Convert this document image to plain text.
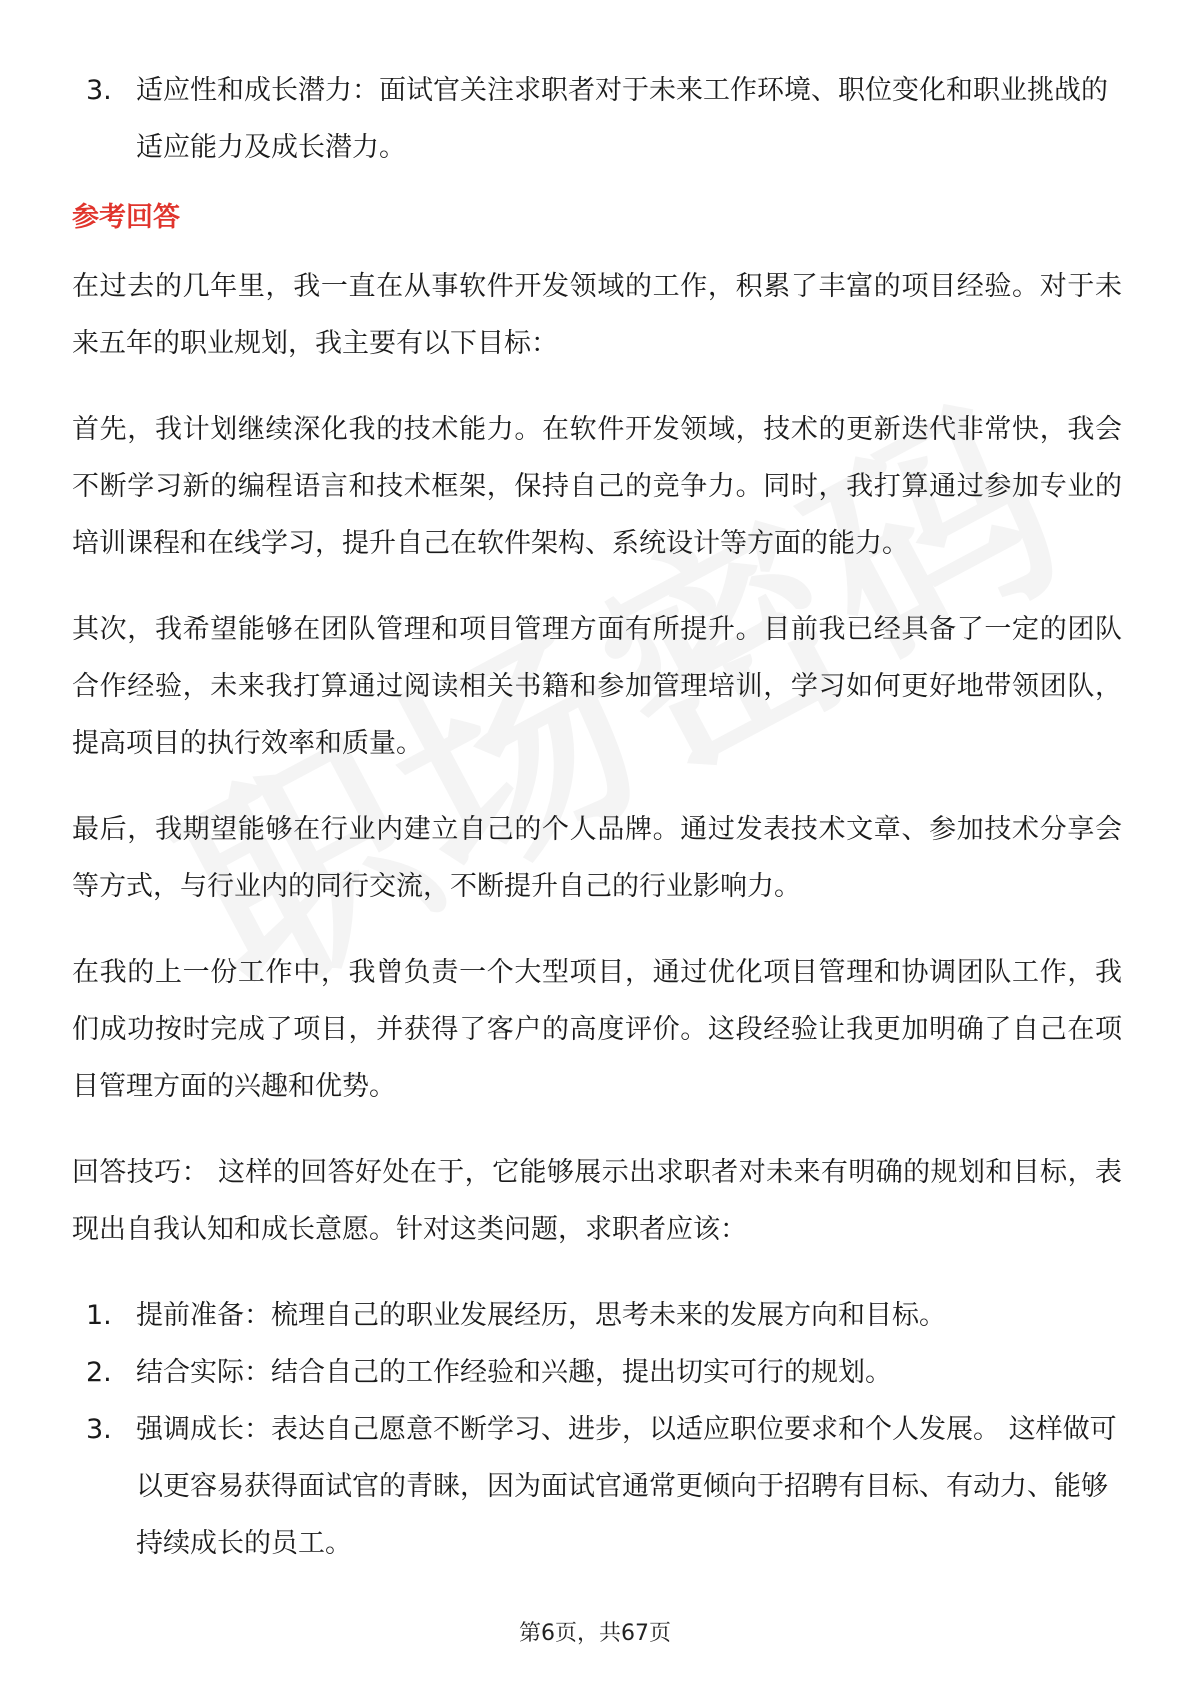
3. 适应性和成长潜力：面试官关注求职者对于未来工作环境、职位变化和职业挑战的适应能力及成长潜力。
参考回答

在过去的几年里，我一直在从事软件开发领域的工作，积累了丰富的项目经验。对于未来五年的职业规划，我主要有以下目标：

首先，我计划继续深化我的技术能力。在软件开发领域，技术的更新迭代非常快，我会不断学习新的编程语言和技术框架，保持自己的竞争力。同时，我打算通过参加专业的培训课程和在线学习，提升自己在软件架构、系统设计等方面的能力。

其次，我希望能够在团队管理和项目管理方面有所提升。目前我已经具备了一定的团队合作经验，未来我打算通过阅读相关书籍和参加管理培训，学习如何更好地带领团队，提高项目的执行效率和质量。

最后，我期望能够在行业内建立自己的个人品牌。通过发表技术文章、参加技术分享会等方式，与行业内的同行交流，不断提升自己的行业影响力。

在我的上一份工作中，我曾负责一个大型项目，通过优化项目管理和协调团队工作，我们成功按时完成了项目，并获得了客户的高度评价。这段经验让我更加明确了自己在项目管理方面的兴趣和优势。

回答技巧： 这样的回答好处在于，它能够展示出求职者对未来有明确的规划和目标，表现出自我认知和成长意愿。针对这类问题，求职者应该：

1. 提前准备：梳理自己的职业发展经历，思考未来的发展方向和目标。
2. 结合实际：结合自己的工作经验和兴趣，提出切实可行的规划。
3. 强调成长：表达自己愿意不断学习、进步，以适应职位要求和个人发展。 这样做可以更容易获得面试官的青睐，因为面试官通常更倾向于招聘有目标、有动力、能够持续成长的员工。
第6页，共67页
